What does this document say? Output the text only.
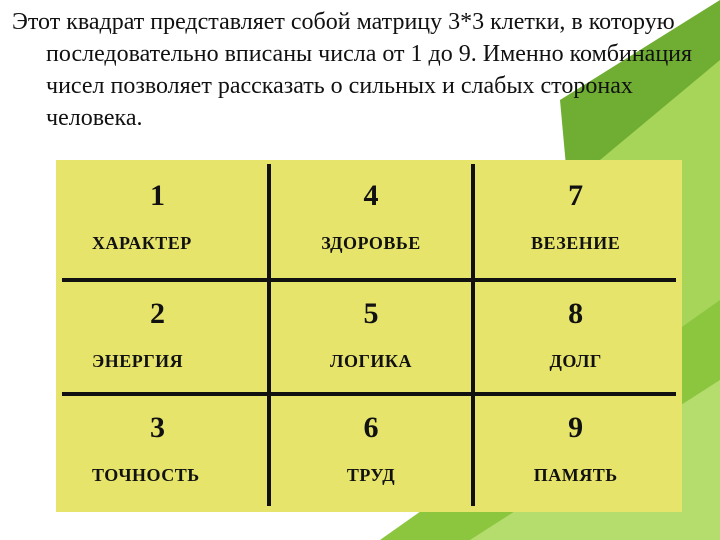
Этот квадрат представляет собой матрицу 3*3 клетки, в которую последовательно вписаны числа от 1 до 9. Именно комбинация чисел позволяет рассказать о сильных и слабых сторонах человека.

1
ХАРАКТЕР
4
ЗДОРОВЬЕ
7
ВЕЗЕНИЕ
2
ЭНЕРГИЯ
5
ЛОГИКА
8
ДОЛГ
3
ТОЧНОСТЬ
6
ТРУД
9
ПАМЯТЬ
